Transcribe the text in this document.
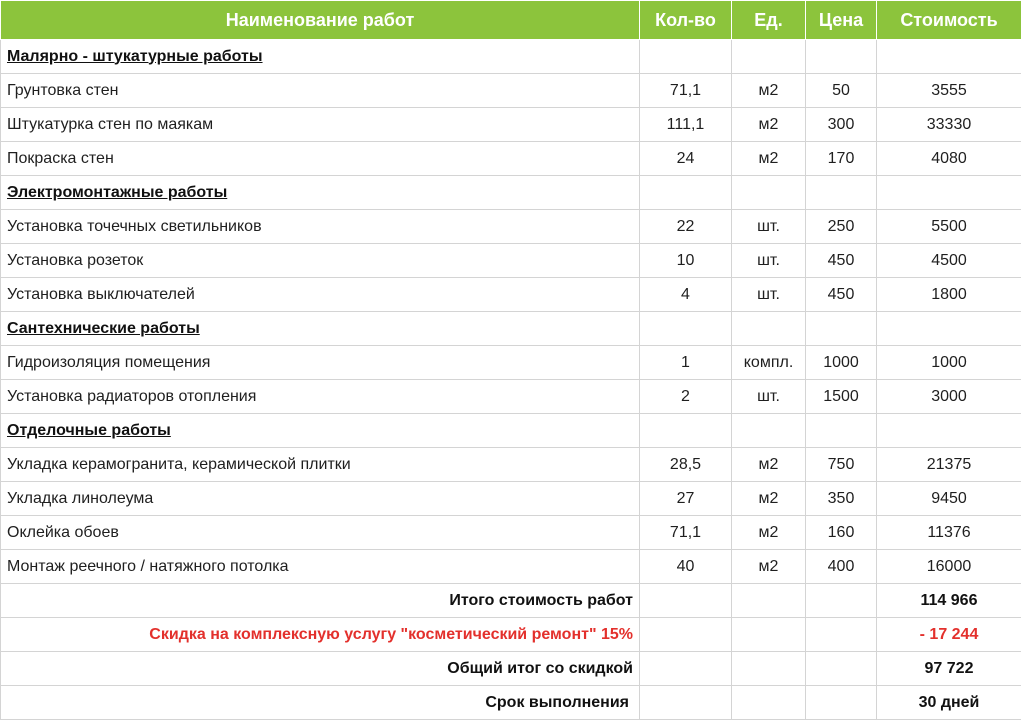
Наименование работ	Кол-во	Ед.	Цена	Стоимость
Малярно - штукатурные работы				
Грунтовка стен	71,1	м2	50	3555
Штукатурка стен по маякам	111,1	м2	300	33330
Покраска стен	24	м2	170	4080
Электромонтажные работы				
Установка точечных светильников	22	шт.	250	5500
Установка розеток	10	шт.	450	4500
Установка выключателей	4	шт.	450	1800
Сантехнические работы				
Гидроизоляция помещения	1	компл.	1000	1000
Установка радиаторов отопления	2	шт.	1500	3000
Отделочные работы				
Укладка керамогранита, керамической плитки	28,5	м2	750	21375
Укладка линолеума	27	м2	350	9450
Оклейка обоев	71,1	м2	160	11376
Монтаж реечного / натяжного потолка	40	м2	400	16000
Итого стоимость работ				114 966
Скидка на комплексную услугу "косметический ремонт" 15%				- 17 244
Общий итог со скидкой				97 722
Срок выполнения				30 дней
